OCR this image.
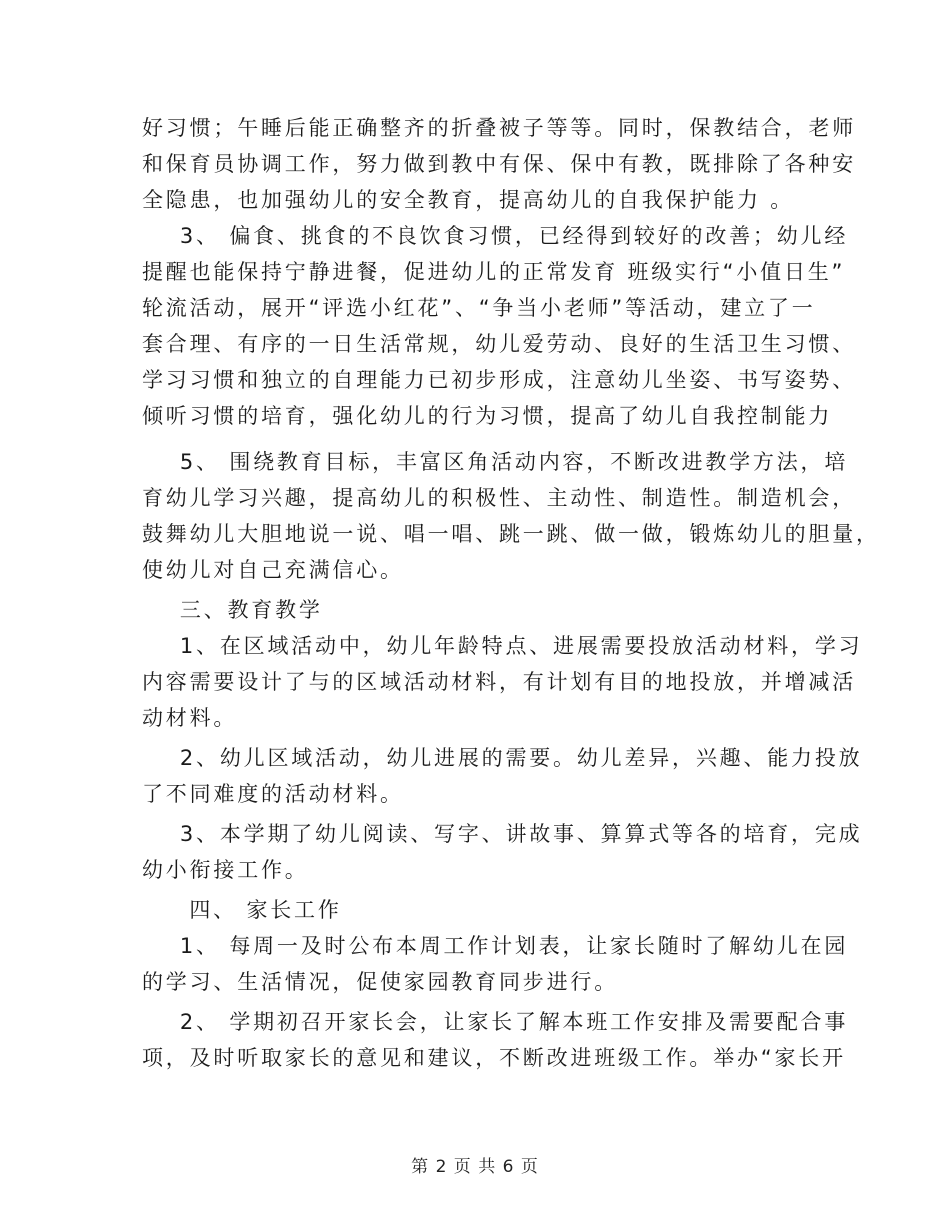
好习惯；午睡后能正确整齐的折叠被子等等。同时，保教结合，老师
和保育员协调工作，努力做到教中有保、保中有教，既排除了各种安
全隐患，也加强幼儿的安全教育，提高幼儿的自我保护能力 。
3、 偏食、挑食的不良饮食习惯，已经得到较好的改善；幼儿经
提醒也能保持宁静进餐，促进幼儿的正常发育 班级实行“小值日生”
轮流活动，展开“评选小红花”、“争当小老师”等活动，建立了一
套合理、有序的一日生活常规，幼儿爱劳动、良好的生活卫生习惯、
学习习惯和独立的自理能力已初步形成，注意幼儿坐姿、书写姿势、
倾听习惯的培育，强化幼儿的行为习惯，提高了幼儿自我控制能力
5、 围绕教育目标，丰富区角活动内容，不断改进教学方法，培
育幼儿学习兴趣，提高幼儿的积极性、主动性、制造性。制造机会，
鼓舞幼儿大胆地说一说、唱一唱、跳一跳、做一做，锻炼幼儿的胆量，
使幼儿对自己充满信心。
三、教育教学
1、在区域活动中，幼儿年龄特点、进展需要投放活动材料，学习
内容需要设计了与的区域活动材料，有计划有目的地投放，并增减活
动材料。
2、幼儿区域活动，幼儿进展的需要。幼儿差异，兴趣、能力投放
了不同难度的活动材料。
3、本学期了幼儿阅读、写字、讲故事、算算式等各的培育，完成
幼小衔接工作。
四、 家长工作
1、 每周一及时公布本周工作计划表，让家长随时了解幼儿在园
的学习、生活情况，促使家园教育同步进行。
2、 学期初召开家长会，让家长了解本班工作安排及需要配合事
项，及时听取家长的意见和建议，不断改进班级工作。举办“家长开
第 2 页 共 6 页
